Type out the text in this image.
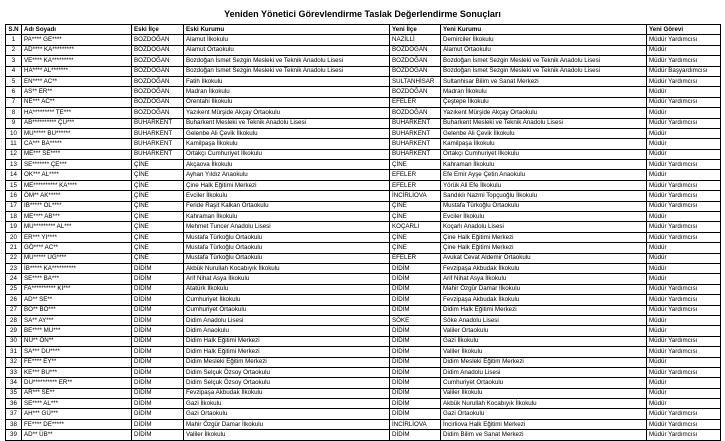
Yeniden Yönetici Görevlendirme Taslak Değerlendirme Sonuçları
S.N	Adı Soyadı	Eski İlçe	Eski Kurumu	Yeni İlçe	Yeni Kurumu	Yeni Görevi
1	PA**** GE****	BOZDOĞAN	Alamut İlkokulu	NAZİLLİ	Demirciler İlkokulu	Müdür Yardımcısı
2	AD**** KA*********	BOZDOĞAN	Alamut Ortaokulu	BOZDOĞAN	Alamut Ortaokulu	Müdür
3	VE**** KA*********	BOZDOĞAN	Bozdoğan İsmet Sezgin Mesleki ve Teknik Anadolu Lisesi	BOZDOĞAN	Bozdoğan İsmet Sezgin Mesleki ve Teknik Anadolu Lisesi	Müdür Yardımcısı
4	HA**** AL*******	BOZDOĞAN	Bozdoğan İsmet Sezgin Mesleki ve Teknik Anadolu Lisesi	BOZDOĞAN	Bozdoğan İsmet Sezgin Mesleki ve Teknik Anadolu Lisesi	Müdür Başyardımcısı
5	EN**** AC**	BOZDOĞAN	Fatih İlkokulu	SULTANHİSAR	Sultanhisar Bilim ve Sanat Merkezi	Müdür Yardımcısı
6	AS** ER**	BOZDOĞAN	Madran İlkokulu	BOZDOĞAN	Madran İlkokulu	Müdür
7	NE*** AC**	BOZDOĞAN	Örentahi İlkokulu	EFELER	Çeştepe İlkokulu	Müdür Yardımcısı
8	HA********* TE***	BOZDOĞAN	Yazıkent Mürşide Akçay Ortaokulu	BOZDOĞAN	Yazıkent Mürşide Akçay Ortaokulu	Müdür
9	AB********** ÇU***	BUHARKENT	Buharkent Mesleki ve Teknik Anadolu Lisesi	BUHARKENT	Buharkent Mesleki ve Teknik Anadolu Lisesi	Müdür Yardımcısı
10	MU***** BU******	BUHARKENT	Gelenbe Ali Çevik İlkokulu	BUHARKENT	Gelenbe Ali Çevik İlkokulu	Müdür
11	CA*** BA*****	BUHARKENT	Kamilpaşa İlkokulu	BUHARKENT	Kamilpaşa İlkokulu	Müdür
12	ME*** SE****	BUHARKENT	Ortakçı Cumhuriyet İlkokulu	BUHARKENT	Ortakçı Cumhuriyet İlkokulu	Müdür
13	SE******* ÇE***	ÇİNE	Akçaova İlkokulu	ÇİNE	Kahraman İlkokulu	Müdür Yardımcısı
14	OK*** AL****	ÇİNE	Ayhan Yıldız Anaokulu	EFELER	Efe Emir Ayşe Çetin Anaokulu	Müdür
15	ME********** KA****	ÇİNE	Çine Halk Eğitimi Merkezi	EFELER	Yörük Ali Efe İlkokulu	Müdür Yardımcısı
16	ÖM** AK*****	ÇİNE	Evciler İlkokulu	İNCİRLİOVA	Sandıklı Nazmi Topçuoğlu İlkokulu	Müdür Yardımcısı
17	İB***** OL****	ÇİNE	Feride Raşit Kalkan Ortaokulu	ÇİNE	Mustafa Türkoğlu Ortaokulu	Müdür Yardımcısı
18	ME**** AB***	ÇİNE	Kahraman İlkokulu	ÇİNE	Evciler İlkokulu	Müdür
19	MU********* AL***	ÇİNE	Mehmet Tuncer Anadolu Lisesi	KOÇARLI	Koçarlı Anadolu Lisesi	Müdür Yardımcısı
20	ER*** YI****	ÇİNE	Mustafa Türkoğlu Ortaokulu	ÇİNE	Çine Halk Eğitimi Merkezi	Müdür Yardımcısı
21	GÖ**** AC**	ÇİNE	Mustafa Türkoğlu Ortaokulu	ÇİNE	Çine Halk Eğitimi Merkezi	Müdür
22	MU***** UĞ****	ÇİNE	Mustafa Türkoğlu Ortaokulu	EFELER	Avukat Cevat Aldemir Ortaokulu	Müdür
23	İB***** KA**********	DİDİM	Akbük Nurullah Kocabıyık İlkokulu	DİDİM	Fevzipaşa Akbudak İlkokulu	Müdür
24	SE**** BA***	DİDİM	Arif Nihat Asya İlkokulu	DİDİM	Arif Nihat Asya İlkokulu	Müdür
25	FA********** Kİ***	DİDİM	Atatürk İlkokulu	DİDİM	Mahir Özgür Damar İlkokulu	Müdür Yardımcısı
26	AD** SE**	DİDİM	Cumhuriyet İlkokulu	DİDİM	Fevzipaşa Akbudak İlkokulu	Müdür Yardımcısı
27	BO** BO***	DİDİM	Cumhuriyet Ortaokulu	DİDİM	Didim Halk Eğitimi Merkezi	Müdür Yardımcısı
28	SA** AY***	DİDİM	Didim Anadolu Lisesi	SÖKE	Söke Anadolu Lisesi	Müdür
29	BE**** MU***	DİDİM	Didim Anaokulu	DİDİM	Valiler Ortaokulu	Müdür
30	NU** ÖN**	DİDİM	Didim Halk Eğitimi Merkezi	DİDİM	Gazi İlkokulu	Müdür Yardımcısı
31	SA*** DU****	DİDİM	Didim Halk Eğitimi Merkezi	DİDİM	Valiler İlkokulu	Müdür Yardımcısı
32	FE**** EY**	DİDİM	Didim Mesleki Eğitim Merkezi	DİDİM	Didim Mesleki Eğitim Merkezi	Müdür
33	KE*** BU***	DİDİM	Didim Selçuk Özsoy Ortaokulu	DİDİM	Didim Anadolu Lisesi	Müdür Yardımcısı
34	DU********** ER**	DİDİM	Didim Selçuk Özsoy Ortaokulu	DİDİM	Cumhuriyet Ortaokulu	Müdür
35	AR*** SE**	DİDİM	Fevzipaşa Akbudak İlkokulu	DİDİM	Valiler İlkokulu	Müdür
36	SE**** AL***	DİDİM	Gazi İlkokulu	DİDİM	Akbük Nurullah Kocabıyık İlkokulu	Müdür
37	AH*** GÜ***	DİDİM	Gazi Ortaokulu	DİDİM	Gazi Ortaokulu	Müdür Yardımcısı
38	FE**** DE*****	DİDİM	Mahir Özgür Damar İlkokulu	İNCİRLİOVA	İncirliova Halk Eğitimi Merkezi	Müdür Yardımcısı
39	AD** ÜB**	DİDİM	Valiler İlkokulu	DİDİM	Didim Bilim ve Sanat Merkezi	Müdür Yardımcısı
